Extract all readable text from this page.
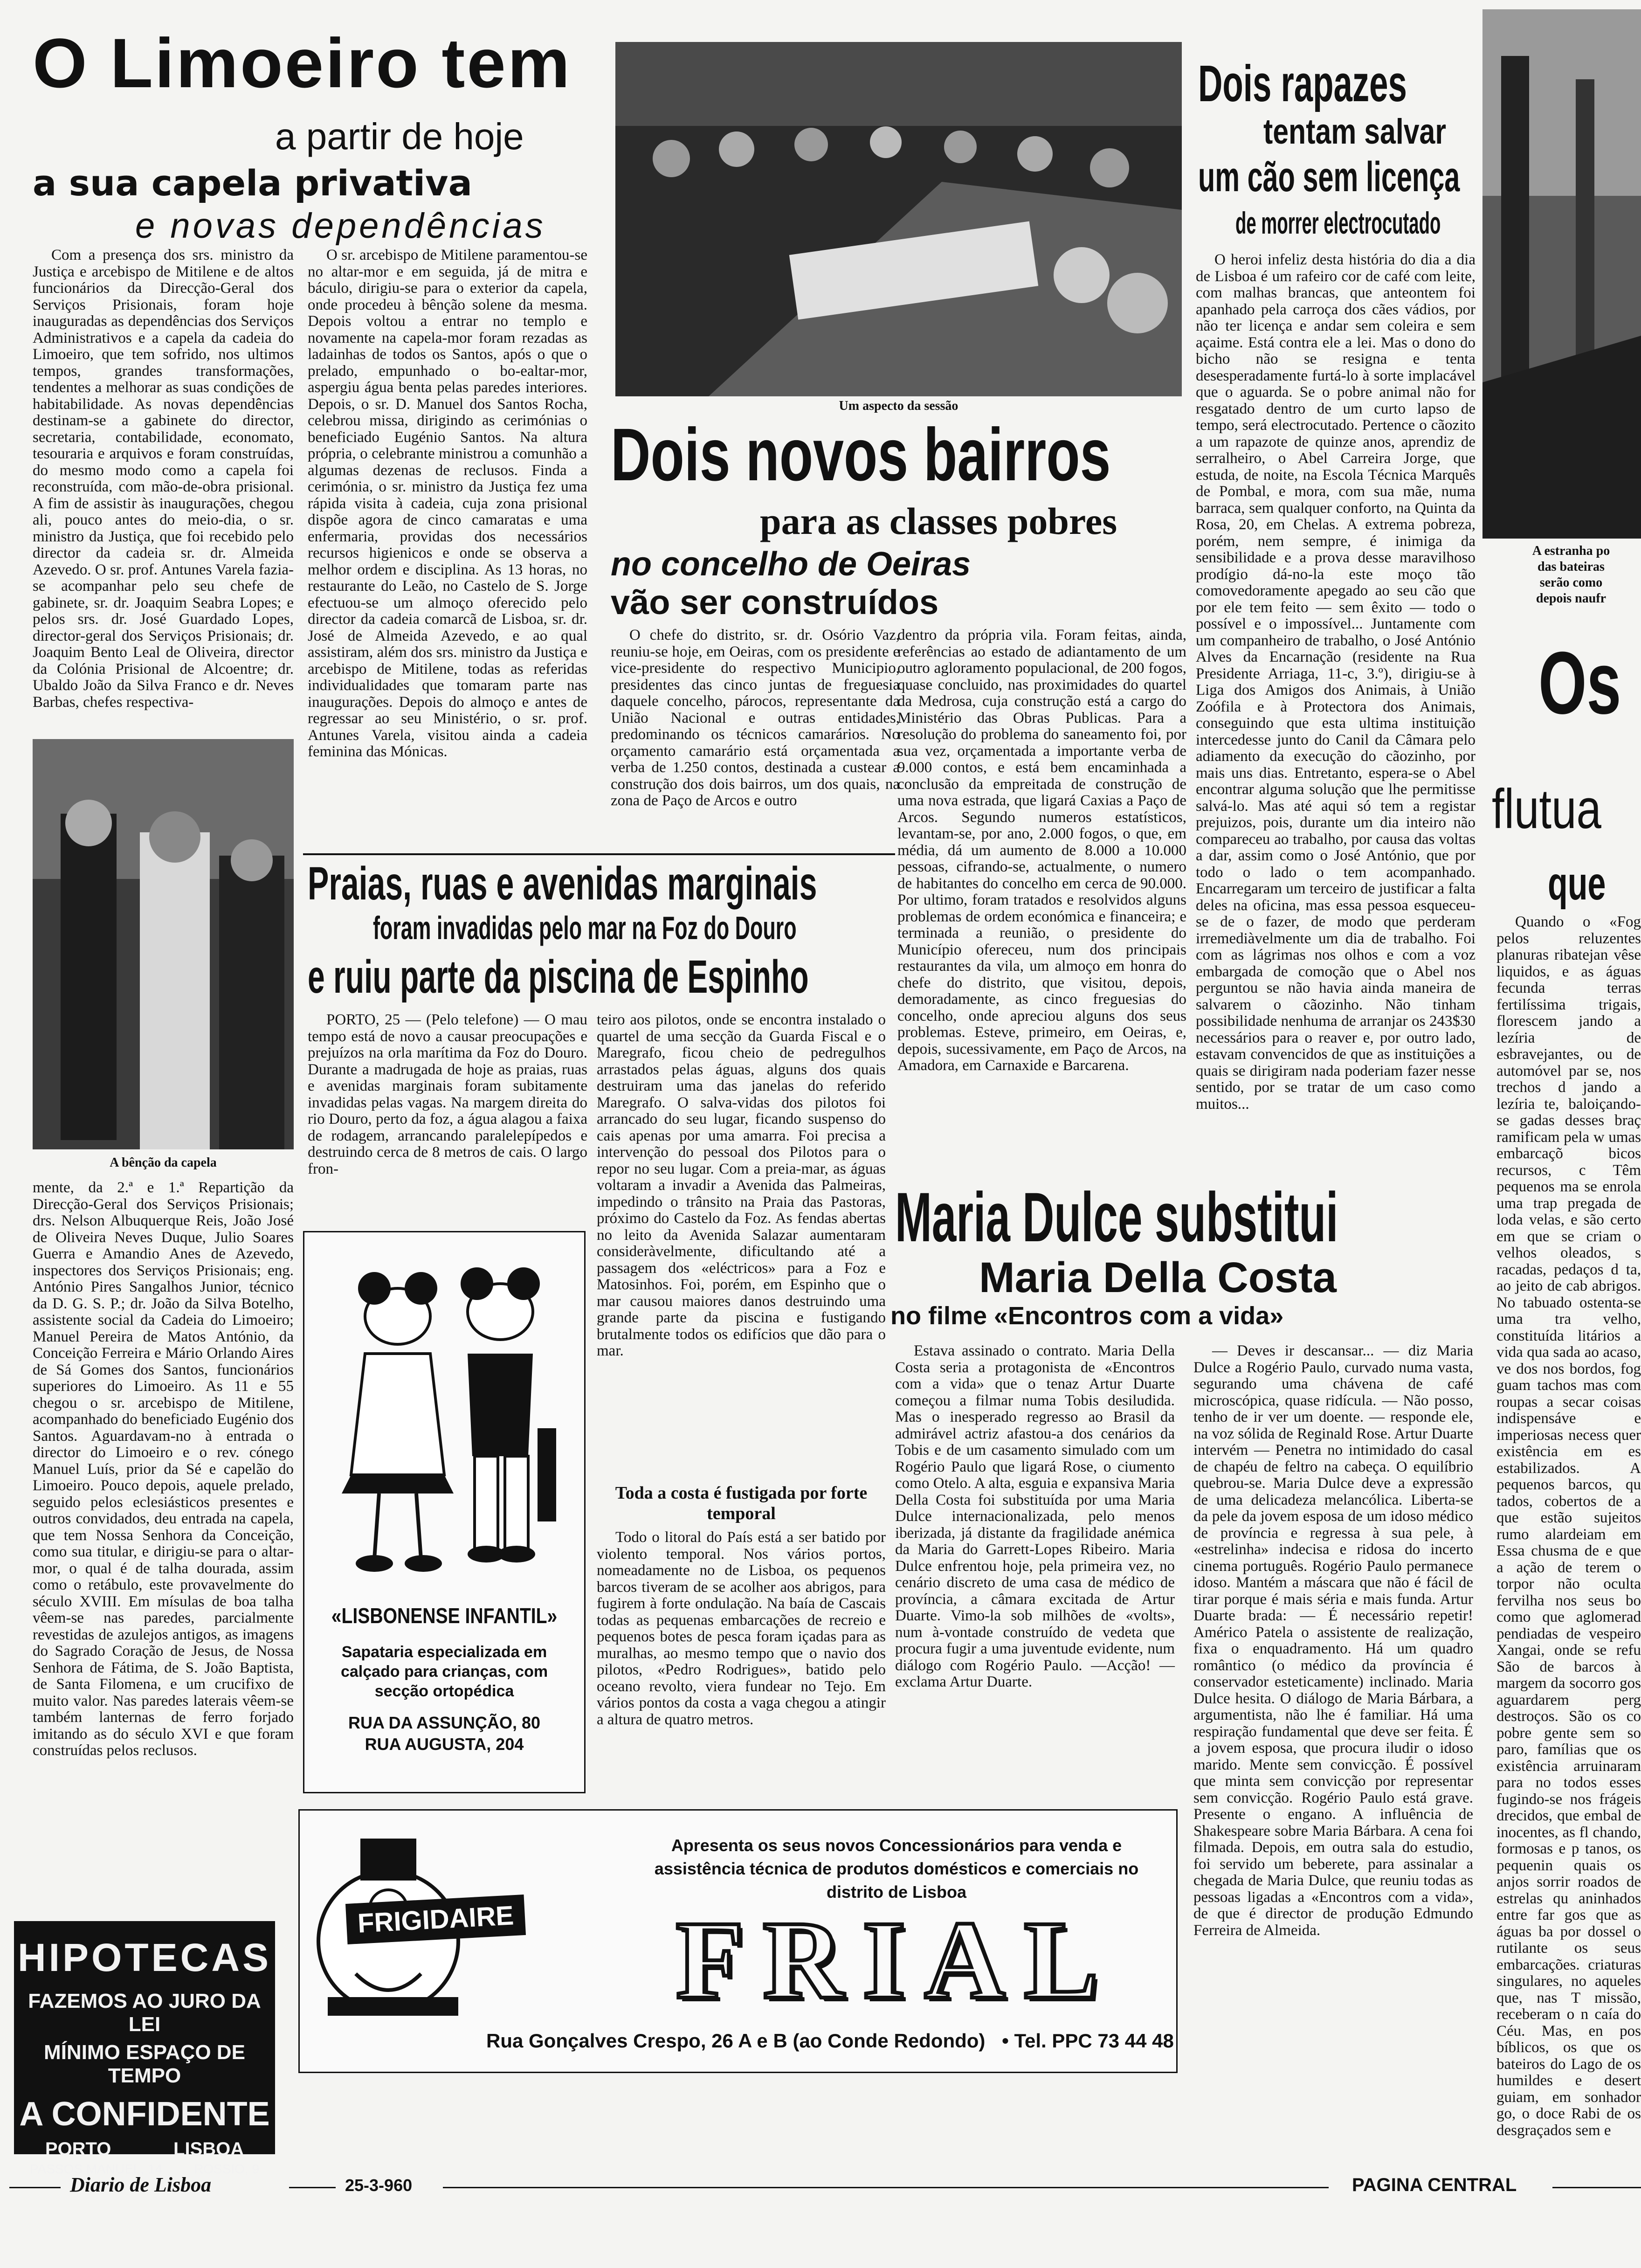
O Limoeiro tem
a partir de hoje
a sua capela privativa
e novas dependências

Com a presença dos srs. ministro da Justiça e arcebispo de Mitilene e de altos funcionários da Direcção-Geral dos Serviços Prisionais, foram hoje inauguradas as dependências dos Serviços Administrativos e a capela da cadeia do Limoeiro, que tem sofrido, nos ultimos tempos, grandes transformações, tendentes a melhorar as suas condições de habitabilidade. As novas dependências destinam-se a gabinete do director, secretaria, contabilidade, economato, tesouraria e arquivos e foram construídas, do mesmo modo como a capela foi reconstruída, com mão-de-obra prisional. A fim de assistir às inaugurações, chegou ali, pouco antes do meio-dia, o sr. ministro da Justiça, que foi recebido pelo director da cadeia sr. dr. Almeida Azevedo. O sr. prof. Antunes Varela fazia-se acompanhar pelo seu chefe de gabinete, sr. dr. Joaquim Seabra Lopes; e pelos srs. dr. José Guardado Lopes, director-geral dos Serviços Prisionais; dr. Joaquim Bento Leal de Oliveira, director da Colónia Prisional de Alcoentre; dr. Ubaldo João da Silva Franco e dr. Neves Barbas, chefes respectiva-

O sr. arcebispo de Mitilene paramentou-se no altar-mor e em seguida, já de mitra e báculo, dirigiu-se para o exterior da capela, onde procedeu à bênção solene da mesma. Depois voltou a entrar no templo e novamente na capela-mor foram rezadas as ladainhas de todos os Santos, após o que o prelado, empunhado o bo-ealtar-mor, aspergiu água benta pelas paredes interiores. Depois, o sr. D. Manuel dos Santos Rocha, celebrou missa, dirigindo as cerimónias o beneficiado Eugénio Santos. Na altura própria, o celebrante ministrou a comunhão a algumas dezenas de reclusos. Finda a cerimónia, o sr. ministro da Justiça fez uma rápida visita à cadeia, cuja zona prisional dispõe agora de cinco camaratas e uma enfermaria, providas dos necessários recursos higienicos e onde se observa a melhor ordem e disciplina. As 13 horas, no restaurante do Leão, no Castelo de S. Jorge efectuou-se um almoço oferecido pelo director da cadeia comarcã de Lisboa, sr. dr. José de Almeida Azevedo, e ao qual assistiram, além dos srs. ministro da Justiça e arcebispo de Mitilene, todas as referidas individualidades que tomaram parte nas inaugurações. Depois do almoço e antes de regressar ao seu Ministério, o sr. prof. Antunes Varela, visitou ainda a cadeia feminina das Mónicas.

A bênção da capela

mente, da 2.ª e 1.ª Repartição da Direcção-Geral dos Serviços Prisionais; drs. Nelson Albuquerque Reis, João José de Oliveira Neves Duque, Julio Soares Guerra e Amandio Anes de Azevedo, inspectores dos Serviços Prisionais; eng. António Pires Sangalhos Junior, técnico da D. G. S. P.; dr. João da Silva Botelho, assistente social da Cadeia do Limoeiro; Manuel Pereira de Matos António, da Conceição Ferreira e Mário Orlando Aires de Sá Gomes dos Santos, funcionários superiores do Limoeiro. As 11 e 55 chegou o sr. arcebispo de Mitilene, acompanhado do beneficiado Eugénio dos Santos. Aguardavam-no à entrada o director do Limoeiro e o rev. cónego Manuel Luís, prior da Sé e capelão do Limoeiro. Pouco depois, aquele prelado, seguido pelos eclesiásticos presentes e outros convidados, deu entrada na capela, que tem Nossa Senhora da Conceição, como sua titular, e dirigiu-se para o altar-mor, o qual é de talha dourada, assim como o retábulo, este provavelmente do século XVIII. Em mísulas de boa talha vêem-se nas paredes, parcialmente revestidas de azulejos antigos, as imagens do Sagrado Coração de Jesus, de Nossa Senhora de Fátima, de S. João Baptista, de Santa Filomena, e um crucifixo de muito valor. Nas paredes laterais vêem-se também lanternas de ferro forjado imitando as do século XVI e que foram construídas pelos reclusos.

HIPOTECAS
FAZEMOS AO JURO DA LEI
MÍNIMO ESPAÇO DE TEMPO
A CONFIDENTE
PORTO	LISBOA
PASSOS MANUEL, 14 ROSSIO, 9
Um aspecto da sessão
Dois novos bairros
para as classes pobres
no concelho de Oeiras
vão ser construídos

O chefe do distrito, sr. dr. Osório Vaz, reuniu-se hoje, em Oeiras, com os presidente e vice-presidente do respectivo Municipio, presidentes das cinco juntas de freguesia daquele concelho, párocos, representante da União Nacional e outras entidades, predominando os técnicos camarários. No orçamento camarário está orçamentada a verba de 1.250 contos, destinada a custear a construção dos dois bairros, um dos quais, na zona de Paço de Arcos e outro

dentro da própria vila. Foram feitas, ainda, referências ao estado de adiantamento de um outro agloramento populacional, de 200 fogos, quase concluido, nas proximidades do quartel da Medrosa, cuja construção está a cargo do Ministério das Obras Publicas. Para a resolução do problema do saneamento foi, por sua vez, orçamentada a importante verba de 9.000 contos, e está bem encaminhada a conclusão da empreitada de construção de uma nova estrada, que ligará Caxias a Paço de Arcos. Segundo numeros estatísticos, levantam-se, por ano, 2.000 fogos, o que, em média, dá um aumento de 8.000 a 10.000 pessoas, cifrando-se, actualmente, o numero de habitantes do concelho em cerca de 90.000. Por ultimo, foram tratados e resolvidos alguns problemas de ordem económica e financeira; e terminada a reunião, o presidente do Município ofereceu, num dos principais restaurantes da vila, um almoço em honra do chefe do distrito, que visitou, depois, demoradamente, as cinco freguesias do concelho, onde apreciou alguns dos seus problemas. Esteve, primeiro, em Oeiras, e, depois, sucessivamente, em Paço de Arcos, na Amadora, em Carnaxide e Barcarena.

Praias, ruas e avenidas marginais
foram invadidas pelo mar na Foz do Douro
e ruiu parte da piscina de Espinho

PORTO, 25 — (Pelo telefone) — O mau tempo está de novo a causar preocupações e prejuízos na orla marítima da Foz do Douro. Durante a madrugada de hoje as praias, ruas e avenidas marginais foram subitamente invadidas pelas vagas. Na margem direita do rio Douro, perto da foz, a água alagou a faixa de rodagem, arrancando paralelepípedos e destruindo cerca de 8 metros de cais. O largo fron-

teiro aos pilotos, onde se encontra instalado o quartel de uma secção da Guarda Fiscal e o Maregrafo, ficou cheio de pedregulhos arrastados pelas águas, alguns dos quais destruiram uma das janelas do referido Maregrafo. O salva-vidas dos pilotos foi arrancado do seu lugar, ficando suspenso do cais apenas por uma amarra. Foi precisa a intervenção do pessoal dos Pilotos para o repor no seu lugar. Com a preia-mar, as águas voltaram a invadir a Avenida das Palmeiras, impedindo o trânsito na Praia das Pastoras, próximo do Castelo da Foz. As fendas abertas no leito da Avenida Salazar aumentaram consideràvelmente, dificultando até a passagem dos «eléctricos» para a Foz e Matosinhos. Foi, porém, em Espinho que o mar causou maiores danos destruindo uma grande parte da piscina e fustigando brutalmente todos os edifícios que dão para o mar.

Toda a costa é fustigada por forte temporal

Todo o litoral do País está a ser batido por violento temporal. Nos vários portos, nomeadamente no de Lisboa, os pequenos barcos tiveram de se acolher aos abrigos, para fugirem à forte ondulação. Na baía de Cascais todas as pequenas embarcações de recreio e pequenos botes de pesca foram içadas para as muralhas, ao mesmo tempo que o navio dos pilotos, «Pedro Rodrigues», batido pelo oceano revolto, viera fundear no Tejo. Em vários pontos da costa a vaga chegou a atingir a altura de quatro metros.

«LISBONENSE INFANTIL»
Sapataria especializada em calçado para crianças, com secção ortopédica
RUA DA ASSUNÇÃO, 80
RUA AUGUSTA, 204
Dois rapazes
tentam salvar
um cão sem licença
de morrer electrocutado

O heroi infeliz desta história do dia a dia de Lisboa é um rafeiro cor de café com leite, com malhas brancas, que anteontem foi apanhado pela carroça dos cães vádios, por não ter licença e andar sem coleira e sem açaime. Está contra ele a lei. Mas o dono do bicho não se resigna e tenta desesperadamente furtá-lo à sorte implacável que o aguarda. Se o pobre animal não for resgatado dentro de um curto lapso de tempo, será electrocutado. Pertence o cãozito a um rapazote de quinze anos, aprendiz de serralheiro, o Abel Carreira Jorge, que estuda, de noite, na Escola Técnica Marquês de Pombal, e mora, com sua mãe, numa barraca, sem qualquer conforto, na Quinta da Rosa, 20, em Chelas. A extrema pobreza, porém, nem sempre, é inimiga da sensibilidade e a prova desse maravilhoso prodígio dá-no-la este moço tão comovedoramente apegado ao seu cão que por ele tem feito — sem êxito — todo o possível e o impossível... Juntamente com um companheiro de trabalho, o José António Alves da Encarnação (residente na Rua Presidente Arriaga, 11-c, 3.º), dirigiu-se à Liga dos Amigos dos Animais, à União Zoófila e à Protectora dos Animais, conseguindo que esta ultima instituição intercedesse junto do Canil da Câmara pelo adiamento da execução do cãozinho, por mais uns dias. Entretanto, espera-se o Abel encontrar alguma solução que lhe permitisse salvá-lo. Mas até aqui só tem a registar prejuizos, pois, durante um dia inteiro não compareceu ao trabalho, por causa das voltas a dar, assim como o José António, que por todo o lado o tem acompanhado. Encarregaram um terceiro de justificar a falta deles na oficina, mas essa pessoa esqueceu-se de o fazer, de modo que perderam irremediàvelmente um dia de trabalho. Foi com as lágrimas nos olhos e com a voz embargada de comoção que o Abel nos perguntou se não havia ainda maneira de salvarem o cãozinho. Não tinham possibilidade nenhuma de arranjar os 243$30 necessários para o reaver e, por outro lado, estavam convencidos de que as instituições a quais se dirigiram nada poderiam fazer nesse sentido, por se tratar de um caso como muitos...

Maria Dulce substitui
Maria Della Costa
no filme «Encontros com a vida»

Estava assinado o contrato. Maria Della Costa seria a protagonista de «Encontros com a vida» que o tenaz Artur Duarte começou a filmar numa Tobis desiludida. Mas o inesperado regresso ao Brasil da admirável actriz afastou-a dos cenários da Tobis e de um casamento simulado com um Rogério Paulo que ligará Rose, o ciumento como Otelo. A alta, esguia e expansiva Maria Della Costa foi substituída por uma Maria Dulce internacionalizada, pelo menos iberizada, já distante da fragilidade anémica da Maria do Garrett-Lopes Ribeiro. Maria Dulce enfrentou hoje, pela primeira vez, no cenário discreto de uma casa de médico de província, a câmara excitada de Artur Duarte. Vimo-la sob milhões de «volts», num à-vontade construído de vedeta que procura fugir a uma juventude evidente, num diálogo com Rogério Paulo. —Acção! — exclama Artur Duarte.

— Deves ir descansar... — diz Maria Dulce a Rogério Paulo, curvado numa vasta, segurando uma chávena de café microscópica, quase ridícula. — Não posso, tenho de ir ver um doente. — responde ele, na voz sólida de Reginald Rose. Artur Duarte intervém — Penetra no intimidado do casal de chapéu de feltro na cabeça. O equilíbrio quebrou-se. Maria Dulce deve a expressão de uma delicadeza melancólica. Liberta-se da pele da jovem esposa de um idoso médico de província e regressa à sua pele, à «estrelinha» indecisa e ridosa do incerto cinema português. Rogério Paulo permanece idoso. Mantém a máscara que não é fácil de tirar porque é mais séria e mais funda. Artur Duarte brada: — É necessário repetir! Américo Patela o assistente de realização, fixa o enquadramento. Há um quadro romântico (o médico da província é conservador esteticamente) inclinado. Maria Dulce hesita. O diálogo de Maria Bárbara, a argumentista, não lhe é familiar. Há uma respiração fundamental que deve ser feita. É a jovem esposa, que procura iludir o idoso marido. Mente sem convicção. É possível que minta sem convicção por representar sem convicção. Rogério Paulo está grave. Presente o engano. A influência de Shakespeare sobre Maria Bárbara. A cena foi filmada. Depois, em outra sala do estudio, foi servido um beberete, para assinalar a chegada de Maria Dulce, que reuniu todas as pessoas ligadas a «Encontros com a vida», de que é director de produção Edmundo Ferreira de Almeida.

FRIGIDAIRE
Apresenta os seus novos Concessionários para venda e assistência técnica de produtos domésticos e comerciais no distrito de Lisboa
FRIAL
Rua Gonçalves Crespo, 26 A e B (ao Conde Redondo) • Tel. PPC 73 44 48
A estranha po
das bateiras
serão como
depois naufr
Os
flutua
que

Quando o «Fog pelos reluzentes planuras ribatejan vêse liquidos, e as águas fecunda terras fertilíssima trigais, florescem jando a lezíria de esbravejantes, ou de automóvel par se, nos trechos d jando a lezíria te, baloiçando-se gadas desses braç ramificam pela w umas embarcaçõ bicos recursos, c Têm pequenos ma se enrola uma trap pregada de loda velas, e são certo em que se criam o velhos oleados, s racadas, pedaços d ta, ao jeito de cab abrigos. No tabuado ostenta-se uma tra velho, constituída litários a vida qua sada ao acaso, ve dos nos bordos, fog guam tachos mas com roupas a secar coisas indispensáve e imperiosas necess quer existência em es estabilizados. A pequenos barcos, qu tados, cobertos de a que estão sujeitos rumo alardeiam em Essa chusma de e que a ação de terem o torpor não oculta fervilha nos seus bo como que aglomerad pendiadas de vespeiro Xangai, onde se refu São de barcos à margem da socorro gos aguardarem perg destroços. São os co pobre gente sem so paro, famílias que os existência arruinaram para no todos esses fugindo-se nos frágeis drecidos, que embal de inocentes, as fl chando, formosas e p tanos, os pequenin quais os anjos sorrir roados de estrelas qu aninhados entre far gos que as águas ba por dossel o rutilante os seus embarcações. criaturas singulares, no aqueles que, nas T missão, receberam o n caía do Céu. Mas, en pos bíblicos, os que os bateiros do Lago de os humildes e desert guiam, em sonhador go, o doce Rabi de os desgraçados sem e

Diario de Lisboa	25-3-960	PAGINA CENTRAL
